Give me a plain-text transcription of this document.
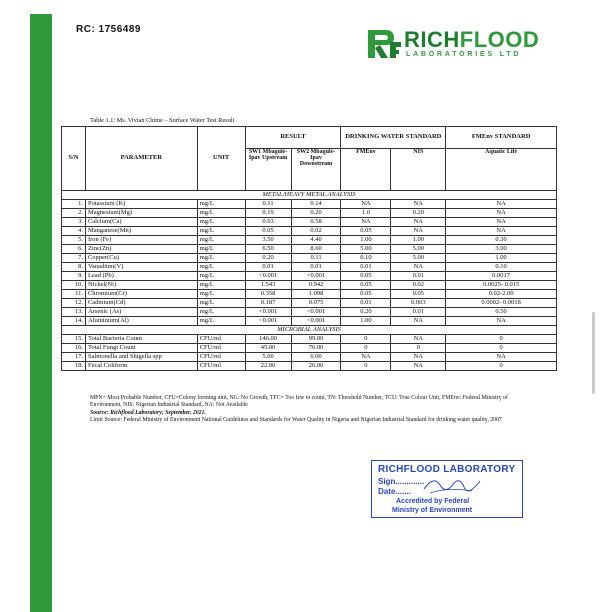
RC: 1756489	RICHFLOOD
LABORATORIES LTD
Table 1.1: Ms. Vivian Chime – Surface Water Test Result
S/N	PARAMETER	UNIT	RESULT		DRINKING WATER STANDARD		FMEnv STANDARD
			SW1 Mbagule-Ipav Upstream	SW2 Mbagule-Ipav Downstream	FMEnv	NIS	Aquatic Life
METAL/HEAVY METAL ANALYSIS							
1.	Potassium (K)	mg/L	0.11	0.14	NA	NA	NA
2.	Magnesium(Mg)	mg/L	0.19	0.20	1.0	0.20	NA
3.	Calcium(Ca)	mg/L	0.63	0.58	NA	NA	NA
4.	Manganese(Mn)	mg/L	0.05	0.02	0.05	NA	NA
5.	Iron (Fe)	mg/L	3.50	4.40	1.00	1.00	0.30
6.	Zinc(Zn)	mg/L	6.50	8.60	5.00	5.00	3.00
7.	Copper(Cu)	mg/L	0.20	0.11	0.10	5.00	1.00
8.	Vanadium(V)	mg/L	0.01	0.01	0.01	NA	0.10
9.	Lead (Pb)	mg/L	<0.001	<0.001	0.05	0.01	0.0017
10.	Nickel(Ni)	mg/L	1.543	0.942	0.05	0.02	0.0025- 0.015
11.	Chromium(Cr)	mg/L	0.358	1.098	0.05	0.05	0.02-2.00
12.	Cadmium(Cd)	mg/L	0.187	0.075	0.01	0.003	0.0002- 0.0018
13.	Arsenic (As)	mg/L	<0.001	<0.001	0.20	0.01	0.50
14.	Aluminium(Al)	mg/L	<0.001	<0.001	1.00	NA	NA
MICROBIAL ANALYSIS							
15.	Total Bacteria Count	CFU/ml	146.00	99.00	0	NA	0
16.	Total Fungi Count	CFU/ml	45.00	76.00	0	0	0
17.	Salmonella and Shigella spp	CFU/ml	5.00	6.00	NA	NA	NA
18.	Fecal Coliform	CFU/ml	22.00	26.00	0	NA	0
MPN= Most Probable Number, CFU=Colony forming unit, NG: No Growth, TFC= Too few to count, TN: Threshold Number, TCU: True Colour Unit, FMEnv: Federal Ministry of Environment, NIS: Nigerian Industrial Standard, NA: Not Available
Source: Richflood Laboratory; September, 2021.
Limit Source: Federal Ministry of Environment National Guidelines and Standards for Water Quality in Nigeria and Nigerian Industrial Standard for drinking water quality, 2007
RICHFLOOD LABORATORY
Sign.............
Date.......
Accredited by Federal
Ministry of Environment
